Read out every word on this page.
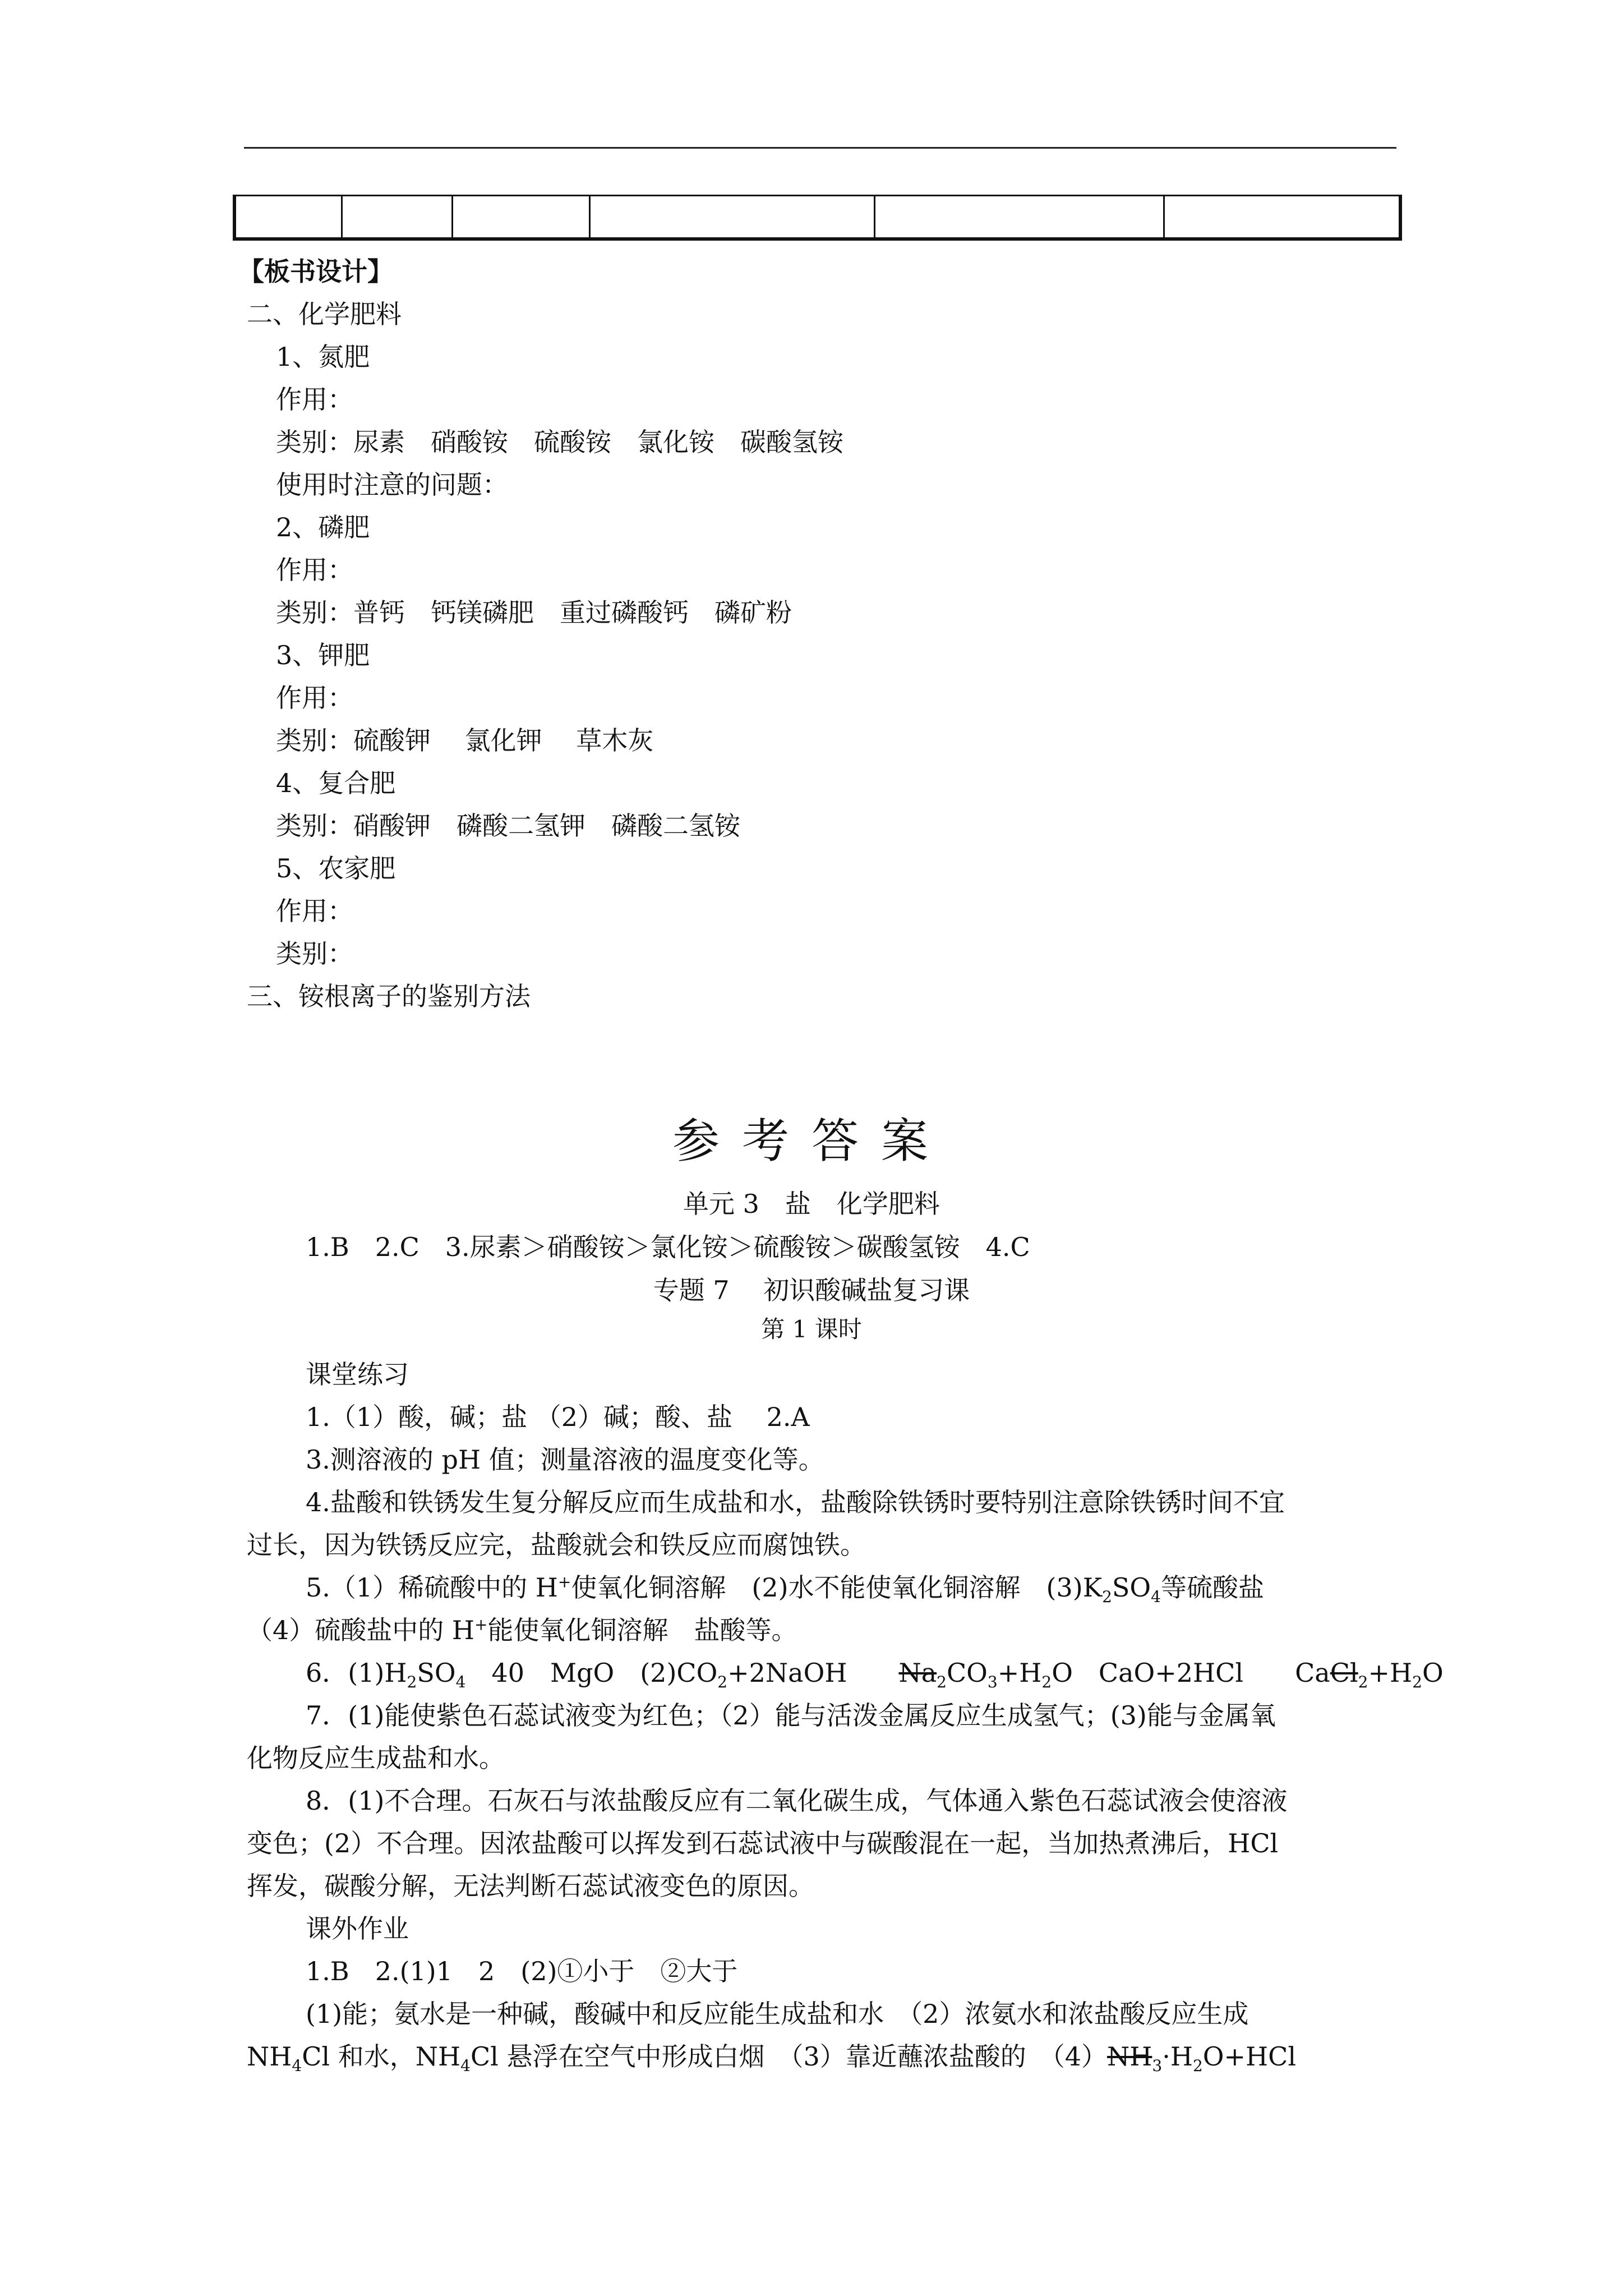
【板书设计】
二、化学肥料
1、氮肥
作用：
类别：尿素　硝酸铵　硫酸铵　氯化铵　碳酸氢铵
使用时注意的问题：
2、磷肥
作用：
类别：普钙　钙镁磷肥　重过磷酸钙　磷矿粉
3、钾肥
作用：
类别：硫酸钾　 氯化钾　 草木灰
4、复合肥
类别：硝酸钾　磷酸二氢钾　磷酸二氢铵
5、农家肥
作用：
类别：
三、铵根离子的鉴别方法
参考答案
单元 3　盐　化学肥料
1.B　2.C　3.尿素＞硝酸铵＞氯化铵＞硫酸铵＞碳酸氢铵　4.C
专题 7　 初识酸碱盐复习课
第 1 课时
课堂练习
1.（1）酸，碱；盐 （2）碱；酸、盐　 2.A
3.测溶液的 pH 值；测量溶液的温度变化等。
4.盐酸和铁锈发生复分解反应而生成盐和水，盐酸除铁锈时要特别注意除铁锈时间不宜
过长，因为铁锈反应完，盐酸就会和铁反应而腐蚀铁。
5.（1）稀硫酸中的 H+使氧化铜溶解　(2)水不能使氧化铜溶解　$(3)K_2SO_4$等硫酸盐
（4）硫酸盐中的 H+能使氧化铜溶解　盐酸等。
6．$(1)H_2SO_4$　40　MgO　$(2)CO_2+2NaOH$ $Na_2CO_3+H_2O$　CaO+2HCl $CaCl_2+H_2O$
7．(1)能使紫色石蕊试液变为红色；（2）能与活泼金属反应生成氢气；(3)能与金属氧
化物反应生成盐和水。
8．(1)不合理。石灰石与浓盐酸反应有二氧化碳生成，气体通入紫色石蕊试液会使溶液
变色；(2）不合理。因浓盐酸可以挥发到石蕊试液中与碳酸混在一起，当加热煮沸后，HCl
挥发，碳酸分解，无法判断石蕊试液变色的原因。
课外作业
1.B　2.(1)1　2　(2)①小于　②大于
(1)能；氨水是一种碱，酸碱中和反应能生成盐和水　（2）浓氨水和浓盐酸反应生成
$NH_4Cl$ 和水，$NH_4Cl$ 悬浮在空气中形成白烟　（3）靠近蘸浓盐酸的　$(4)NH_3\cdot H_2O+HCl$
